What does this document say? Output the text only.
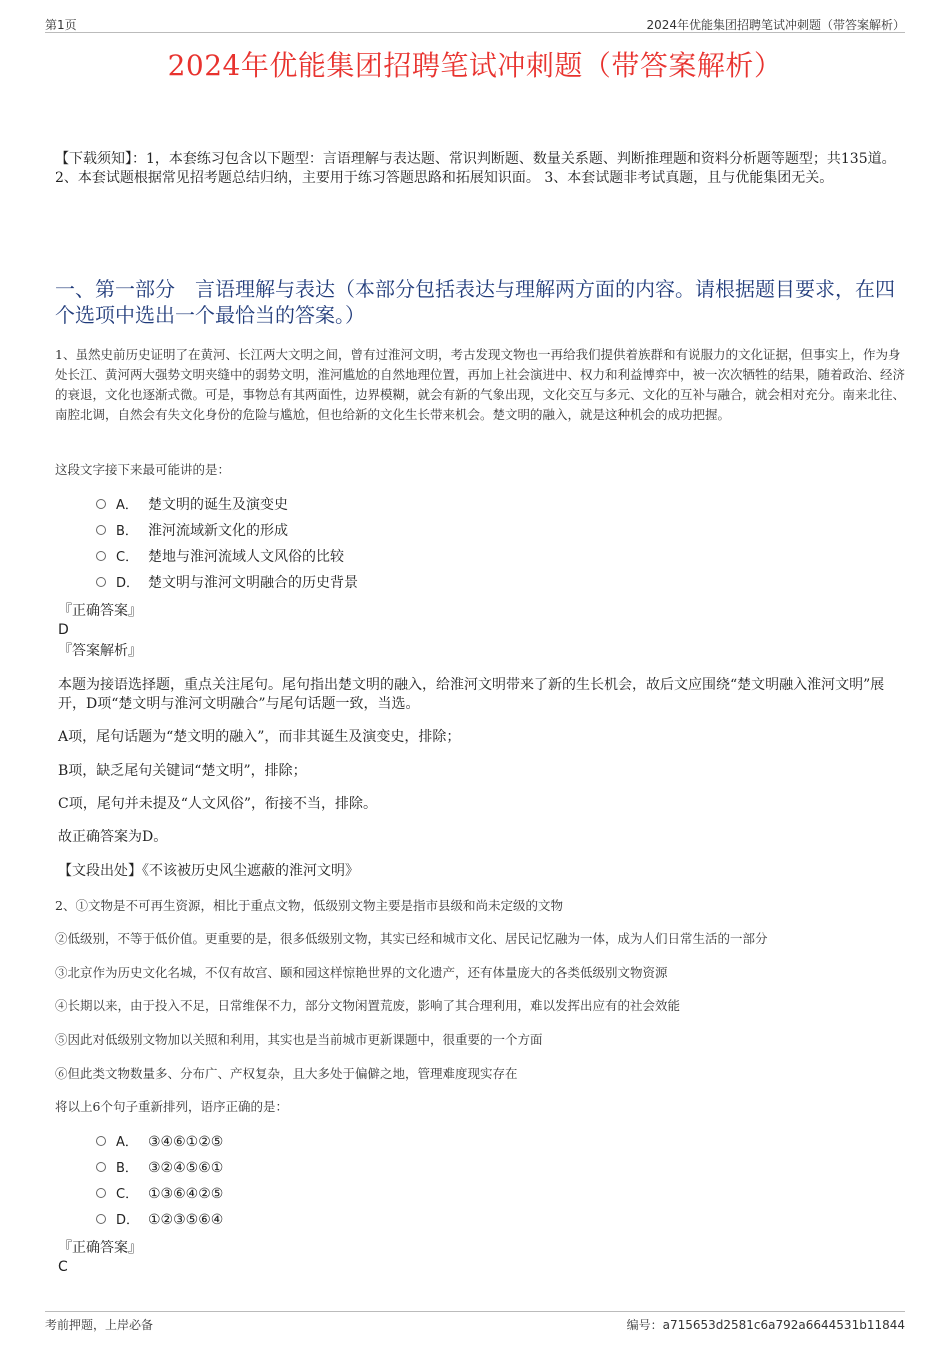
第1页	2024年优能集团招聘笔试冲刺题（带答案解析）
2024年优能集团招聘笔试冲刺题（带答案解析）
【下载须知】：1，本套练习包含以下题型：言语理解与表达题、常识判断题、数量关系题、判断推理题和资料分析题等题型；共135道。 2、本套试题根据常见招考题总结归纳，主要用于练习答题思路和拓展知识面。 3、本套试题非考试真题，且与优能集团无关。
一、第一部分　言语理解与表达（本部分包括表达与理解两方面的内容。请根据题目要求，在四个选项中选出一个最恰当的答案。）
1、虽然史前历史证明了在黄河、长江两大文明之间，曾有过淮河文明，考古发现文物也一再给我们提供着族群和有说服力的文化证据，但事实上，作为身处长江、黄河两大强势文明夹缝中的弱势文明，淮河尴尬的自然地理位置，再加上社会演进中、权力和利益博弈中，被一次次牺牲的结果，随着政治、经济的衰退，文化也逐渐式微。可是，事物总有其两面性，边界模糊，就会有新的气象出现，文化交互与多元、文化的互补与融合，就会相对充分。南来北往、南腔北调，自然会有失文化身份的危险与尴尬，但也给新的文化生长带来机会。楚文明的融入，就是这种机会的成功把握。
这段文字接下来最可能讲的是：
A． 楚文明的诞生及演变史
B． 淮河流域新文化的形成
C． 楚地与淮河流域人文风俗的比较
D． 楚文明与淮河文明融合的历史背景
『正确答案』
D
『答案解析』
本题为接语选择题，重点关注尾句。尾句指出楚文明的融入，给淮河文明带来了新的生长机会，故后文应围绕“楚文明融入淮河文明”展开，D项“楚文明与淮河文明融合”与尾句话题一致，当选。
A项，尾句话题为“楚文明的融入”，而非其诞生及演变史，排除；
B项，缺乏尾句关键词“楚文明”，排除；
C项，尾句并未提及“人文风俗”，衔接不当，排除。
故正确答案为D。
【文段出处】《不该被历史风尘遮蔽的淮河文明》
2、①文物是不可再生资源，相比于重点文物，低级别文物主要是指市县级和尚未定级的文物
②低级别，不等于低价值。更重要的是，很多低级别文物，其实已经和城市文化、居民记忆融为一体，成为人们日常生活的一部分
③北京作为历史文化名城，不仅有故宫、颐和园这样惊艳世界的文化遗产，还有体量庞大的各类低级别文物资源
④长期以来，由于投入不足，日常维保不力，部分文物闲置荒废，影响了其合理利用，难以发挥出应有的社会效能
⑤因此对低级别文物加以关照和利用，其实也是当前城市更新课题中，很重要的一个方面
⑥但此类文物数量多、分布广、产权复杂，且大多处于偏僻之地，管理难度现实存在
将以上6个句子重新排列，语序正确的是：
A． ③④⑥①②⑤
B． ③②④⑤⑥①
C． ①③⑥④②⑤
D． ①②③⑤⑥④
『正确答案』
C
考前押题，上岸必备	编号：a715653d2581c6a792a6644531b11844
